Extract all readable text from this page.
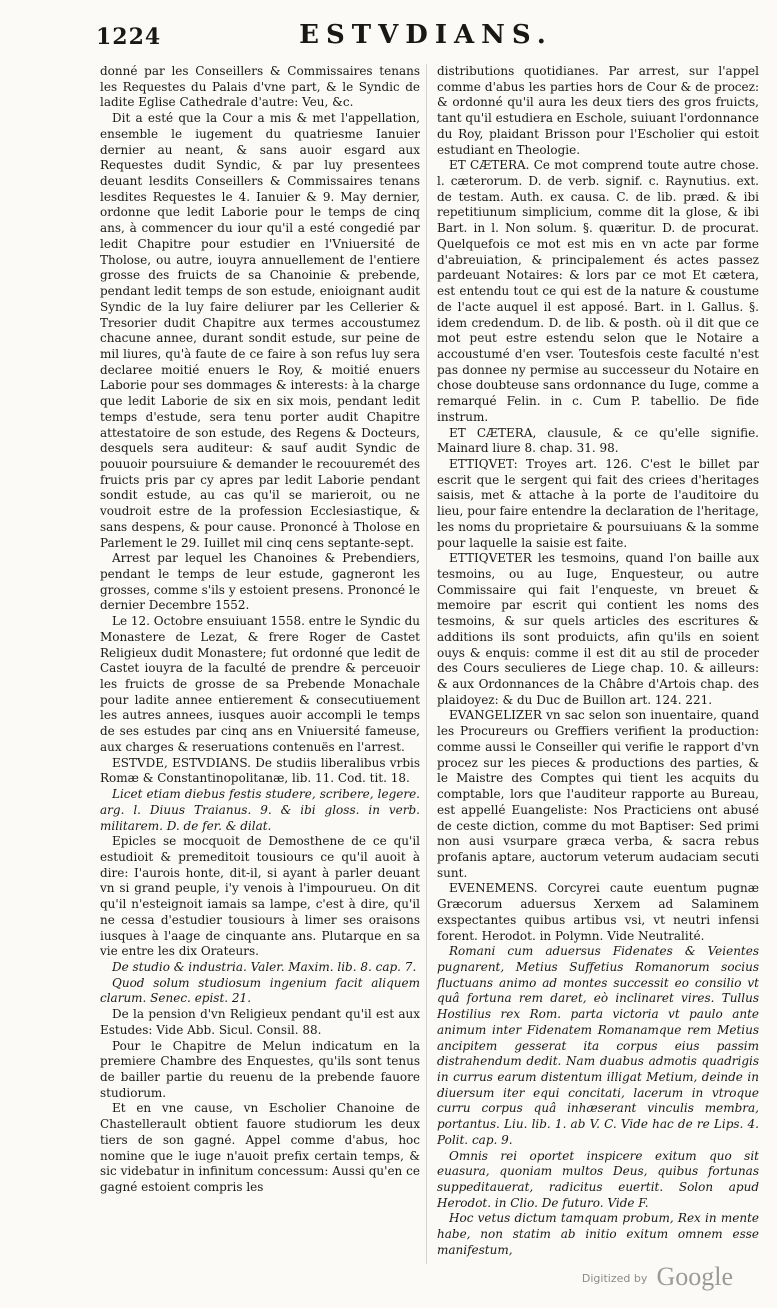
1224	ESTVDIANS.

donné par les Conseillers & Commissaires tenans les Requestes du Palais d'vne part, & le Syndic de ladite Eglise Cathedrale d'autre: Veu, &c.

Dit a esté que la Cour a mis & met l'appellation, ensemble le iugement du quatriesme Ianuier dernier au neant, & sans auoir esgard aux Requestes dudit Syndic, & par luy presentees deuant lesdits Conseillers & Commissaires tenans lesdites Requestes le 4. Ianuier & 9. May dernier, ordonne que ledit Laborie pour le temps de cinq ans, à commencer du iour qu'il a esté congedié par ledit Chapitre pour estudier en l'Vniuersité de Tholose, ou autre, iouyra annuellement de l'entiere grosse des fruicts de sa Chanoinie & prebende, pendant ledit temps de son estude, enioignant audit Syndic de la luy faire deliurer par les Cellerier & Tresorier dudit Chapitre aux termes accoustumez chacune annee, durant sondit estude, sur peine de mil liures, qu'à faute de ce faire à son refus luy sera declaree moitié enuers le Roy, & moitié enuers Laborie pour ses dommages & interests: à la charge que ledit Laborie de six en six mois, pendant ledit temps d'estude, sera tenu porter audit Chapitre attestatoire de son estude, des Regens & Docteurs, desquels sera auditeur: & sauf audit Syndic de pouuoir poursuiure & demander le recouuremét des fruicts pris par cy apres par ledit Laborie pendant sondit estude, au cas qu'il se marieroit, ou ne voudroit estre de la profession Ecclesiastique, & sans despens, & pour cause. Prononcé à Tholose en Parlement le 29. Iuillet mil cinq cens septante-sept.

Arrest par lequel les Chanoines & Prebendiers, pendant le temps de leur estude, gagneront les grosses, comme s'ils y estoient presens. Prononcé le dernier Decembre 1552.

Le 12. Octobre ensuiuant 1558. entre le Syndic du Monastere de Lezat, & frere Roger de Castet Religieux dudit Monastere; fut ordonné que ledit de Castet iouyra de la faculté de prendre & perceuoir les fruicts de grosse de sa Prebende Monachale pour ladite annee entierement & consecutiuement les autres annees, iusques auoir accompli le temps de ses estudes par cinq ans en Vniuersité fameuse, aux charges & reseruations contenuës en l'arrest.

ESTVDE, ESTVDIANS. De studiis liberalibus vrbis Romæ & Constantinopolitanæ, lib. 11. Cod. tit. 18.

Licet etiam diebus festis studere, scribere, legere. arg. l. Diuus Traianus. 9. & ibi gloss. in verb. militarem. D. de fer. & dilat.

Epicles se mocquoit de Demosthene de ce qu'il estudioit & premeditoit tousiours ce qu'il auoit à dire: I'aurois honte, dit-il, si ayant à parler deuant vn si grand peuple, i'y venois à l'impourueu. On dit qu'il n'esteignoit iamais sa lampe, c'est à dire, qu'il ne cessa d'estudier tousiours à limer ses oraisons iusques à l'aage de cinquante ans. Plutarque en sa vie entre les dix Orateurs.

De studio & industria. Valer. Maxim. lib. 8. cap. 7.

Quod solum studiosum ingenium facit aliquem clarum. Senec. epist. 21.

De la pension d'vn Religieux pendant qu'il est aux Estudes: Vide Abb. Sicul. Consil. 88.

Pour le Chapitre de Melun indicatum en la premiere Chambre des Enquestes, qu'ils sont tenus de bailler partie du reuenu de la prebende fauore studiorum.

Et en vne cause, vn Escholier Chanoine de Chastellerault obtient fauore studiorum les deux tiers de son gagné. Appel comme d'abus, hoc nomine que le iuge n'auoit prefix certain temps, & sic videbatur in infinitum concessum: Aussi qu'en ce gagné estoient compris les

distributions quotidianes. Par arrest, sur l'appel comme d'abus les parties hors de Cour & de procez: & ordonné qu'il aura les deux tiers des gros fruicts, tant qu'il estudiera en Eschole, suiuant l'ordonnance du Roy, plaidant Brisson pour l'Escholier qui estoit estudiant en Theologie.

ET CÆTERA. Ce mot comprend toute autre chose. l. cæterorum. D. de verb. signif. c. Raynutius. ext. de testam. Auth. ex causa. C. de lib. præd. & ibi repetitiunum simplicium, comme dit la glose, & ibi Bart. in l. Non solum. §. quæritur. D. de procurat. Quelquefois ce mot est mis en vn acte par forme d'abreuiation, & principalement és actes passez pardeuant Notaires: & lors par ce mot Et cætera, est entendu tout ce qui est de la nature & coustume de l'acte auquel il est apposé. Bart. in l. Gallus. §. idem credendum. D. de lib. & posth. où il dit que ce mot peut estre estendu selon que le Notaire a accoustumé d'en vser. Toutesfois ceste faculté n'est pas donnee ny permise au successeur du Notaire en chose doubteuse sans ordonnance du Iuge, comme a remarqué Felin. in c. Cum P. tabellio. De fide instrum.

ET CÆTERA, clausule, & ce qu'elle signifie. Mainard liure 8. chap. 31. 98.

ETTIQVET: Troyes art. 126. C'est le billet par escrit que le sergent qui fait des criees d'heritages saisis, met & attache à la porte de l'auditoire du lieu, pour faire entendre la declaration de l'heritage, les noms du proprietaire & poursuiuans & la somme pour laquelle la saisie est faite.

ETTIQVETER les tesmoins, quand l'on baille aux tesmoins, ou au Iuge, Enquesteur, ou autre Commissaire qui fait l'enqueste, vn breuet & memoire par escrit qui contient les noms des tesmoins, & sur quels articles des escritures & additions ils sont produicts, afin qu'ils en soient ouys & enquis: comme il est dit au stil de proceder des Cours seculieres de Liege chap. 10. & ailleurs: & aux Ordonnances de la Châbre d'Artois chap. des plaidoyez: & du Duc de Buillon art. 124. 221.

EVANGELIZER vn sac selon son inuentaire, quand les Procureurs ou Greffiers verifient la production: comme aussi le Conseiller qui verifie le rapport d'vn procez sur les pieces & productions des parties, & le Maistre des Comptes qui tient les acquits du comptable, lors que l'auditeur rapporte au Bureau, est appellé Euangeliste: Nos Practiciens ont abusé de ceste diction, comme du mot Baptiser: Sed primi non ausi vsurpare græca verba, & sacra rebus profanis aptare, auctorum veterum audaciam secuti sunt.

EVENEMENS. Corcyrei caute euentum pugnæ Græcorum aduersus Xerxem ad Salaminem exspectantes quibus artibus vsi, vt neutri infensi forent. Herodot. in Polymn. Vide Neutralité.

Romani cum aduersus Fidenates & Veientes pugnarent, Metius Suffetius Romanorum socius fluctuans animo ad montes successit eo consilio vt quâ fortuna rem daret, eò inclinaret vires. Tullus Hostilius rex Rom. parta victoria vt paulo ante animum inter Fidenatem Romanamque rem Metius ancipitem gesserat ita corpus eius passim distrahendum dedit. Nam duabus admotis quadrigis in currus earum distentum illigat Metium, deinde in diuersum iter equi concitati, lacerum in vtroque curru corpus quâ inhæserant vinculis membra, portantus. Liu. lib. 1. ab V. C. Vide hac de re Lips. 4. Polit. cap. 9.

Omnis rei oportet inspicere exitum quo sit euasura, quoniam multos Deus, quibus fortunas suppeditauerat, radicitus euertit. Solon apud Herodot. in Clio. De futuro. Vide F.

Hoc vetus dictum tamquam probum, Rex in mente habe, non statim ab initio exitum omnem esse manifestum,

Digitized by Google
